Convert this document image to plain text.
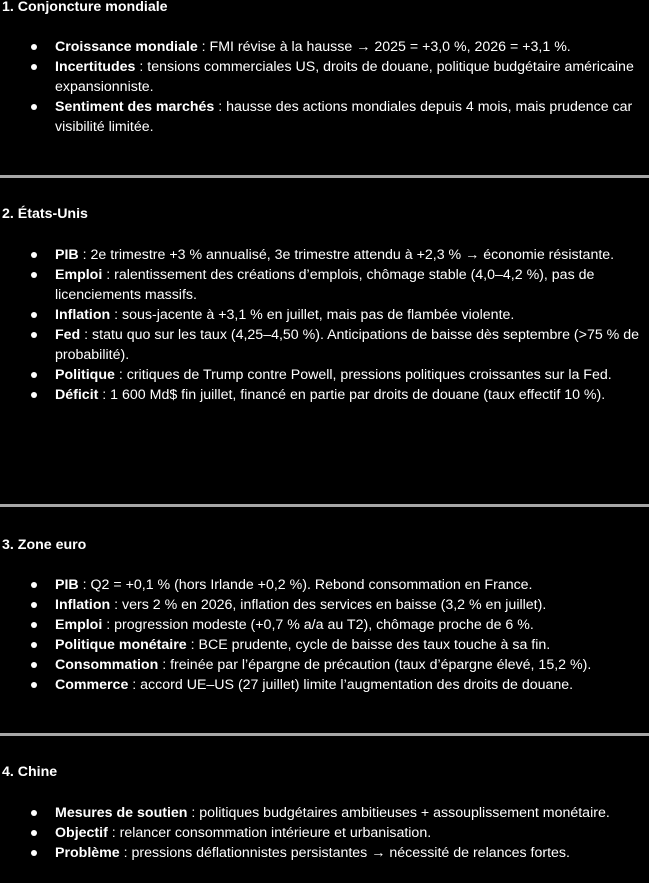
1. Conjoncture mondiale
Croissance mondiale : FMI révise à la hausse → 2025 = +3,0 %, 2026 = +3,1 %.
Incertitudes : tensions commerciales US, droits de douane, politique budgétaire américaine expansionniste.
Sentiment des marchés : hausse des actions mondiales depuis 4 mois, mais prudence car visibilité limitée.
2. États-Unis
PIB : 2e trimestre +3 % annualisé, 3e trimestre attendu à +2,3 % → économie résistante.
Emploi : ralentissement des créations d’emplois, chômage stable (4,0–4,2 %), pas de licenciements massifs.
Inflation : sous-jacente à +3,1 % en juillet, mais pas de flambée violente.
Fed : statu quo sur les taux (4,25–4,50 %). Anticipations de baisse dès septembre (>75 % de probabilité).
Politique : critiques de Trump contre Powell, pressions politiques croissantes sur la Fed.
Déficit : 1 600 Md$ fin juillet, financé en partie par droits de douane (taux effectif 10 %).
3. Zone euro
PIB : Q2 = +0,1 % (hors Irlande +0,2 %). Rebond consommation en France.
Inflation : vers 2 % en 2026, inflation des services en baisse (3,2 % en juillet).
Emploi : progression modeste (+0,7 % a/a au T2), chômage proche de 6 %.
Politique monétaire : BCE prudente, cycle de baisse des taux touche à sa fin.
Consommation : freinée par l’épargne de précaution (taux d’épargne élevé, 15,2 %).
Commerce : accord UE–US (27 juillet) limite l’augmentation des droits de douane.
4. Chine
Mesures de soutien : politiques budgétaires ambitieuses + assouplissement monétaire.
Objectif : relancer consommation intérieure et urbanisation.
Problème : pressions déflationnistes persistantes → nécessité de relances fortes.
